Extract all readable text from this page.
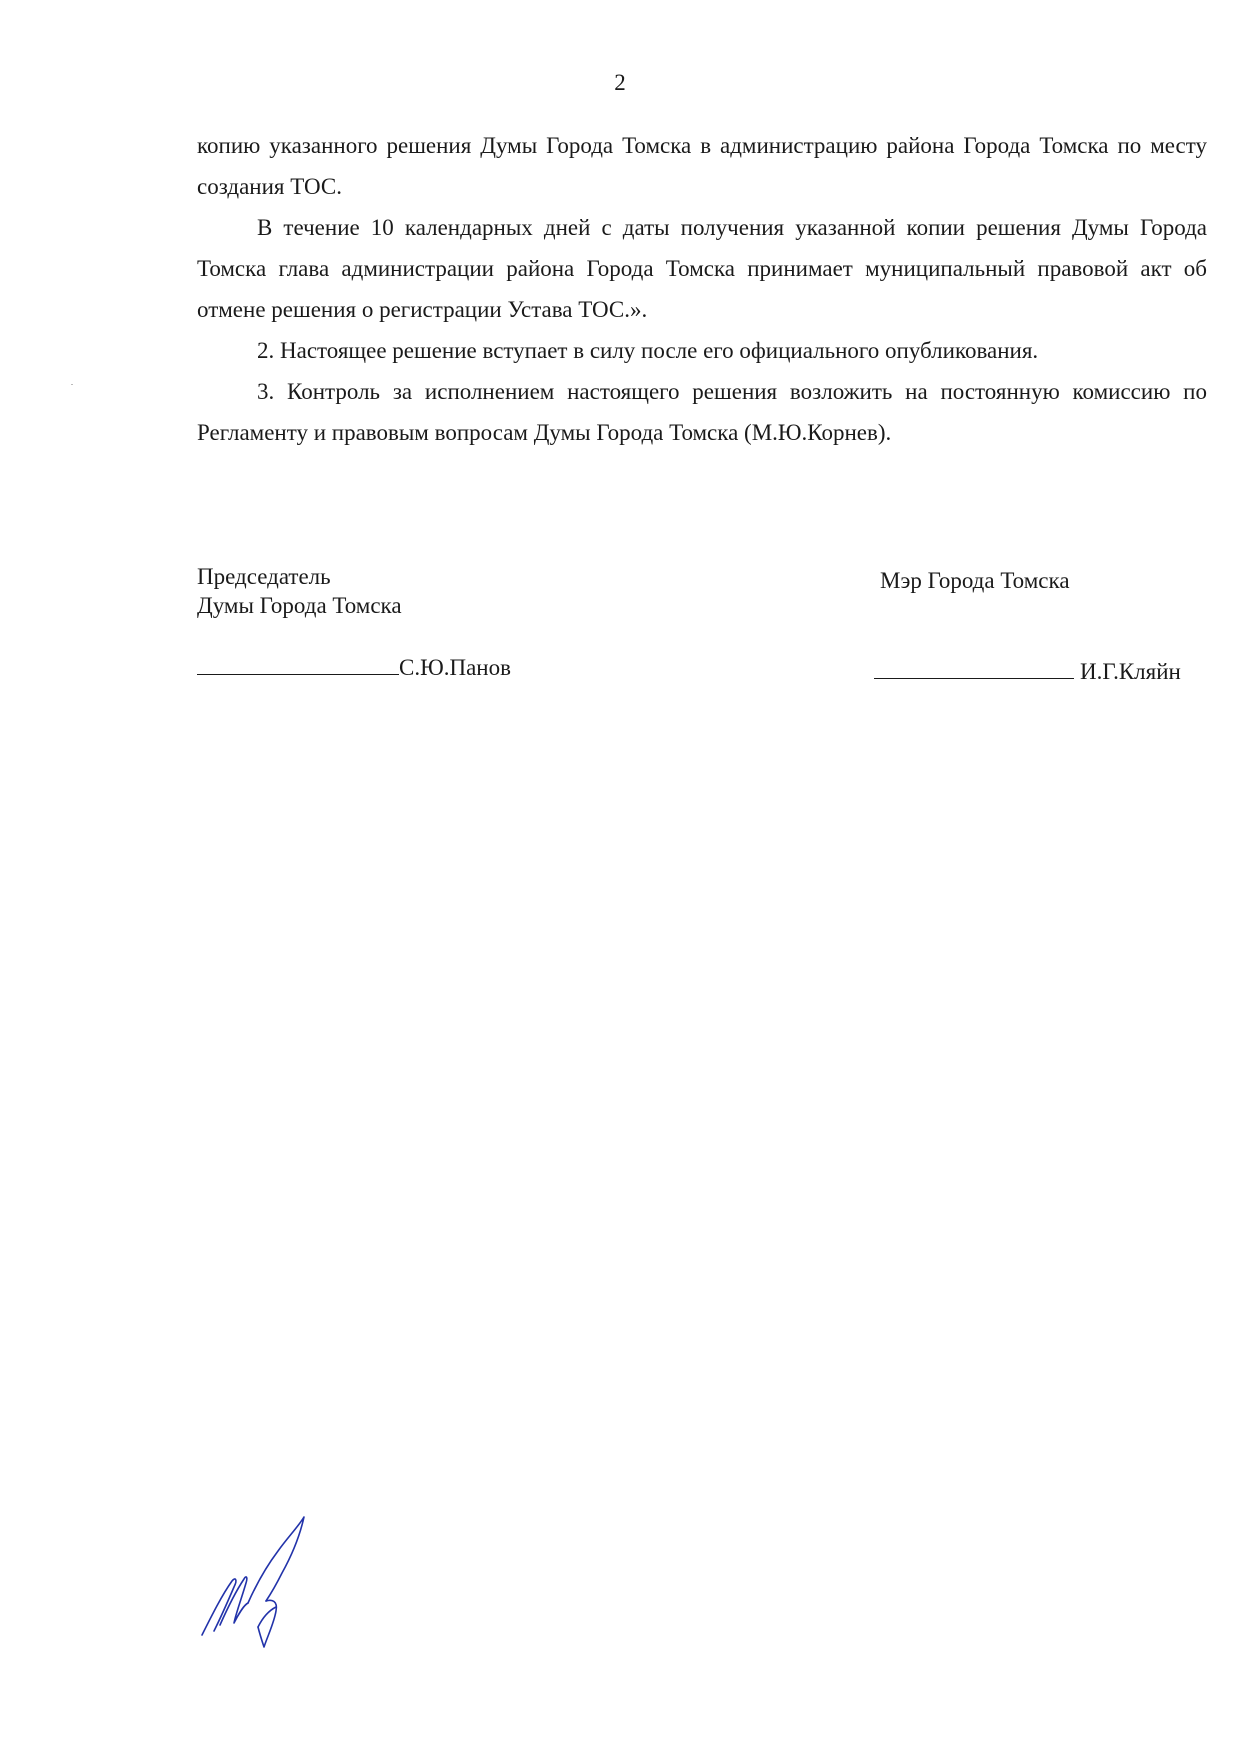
2

копию указанного решения Думы Города Томска в администрацию района Города Томска по месту создания ТОС.

В течение 10 календарных дней с даты получения указанной копии решения Думы Города Томска глава администрации района Города Томска принимает муниципальный правовой акт об отмене решения о регистрации Устава ТОС.».

2. Настоящее решение вступает в силу после его официального опубликования.

3. Контроль за исполнением настоящего решения возложить на постоянную комиссию по Регламенту и правовым вопросам Думы Города Томска (М.Ю.Корнев).

Председатель
Думы Города Томска
Мэр Города Томска
С.Ю.Панов	И.Г.Кляйн
